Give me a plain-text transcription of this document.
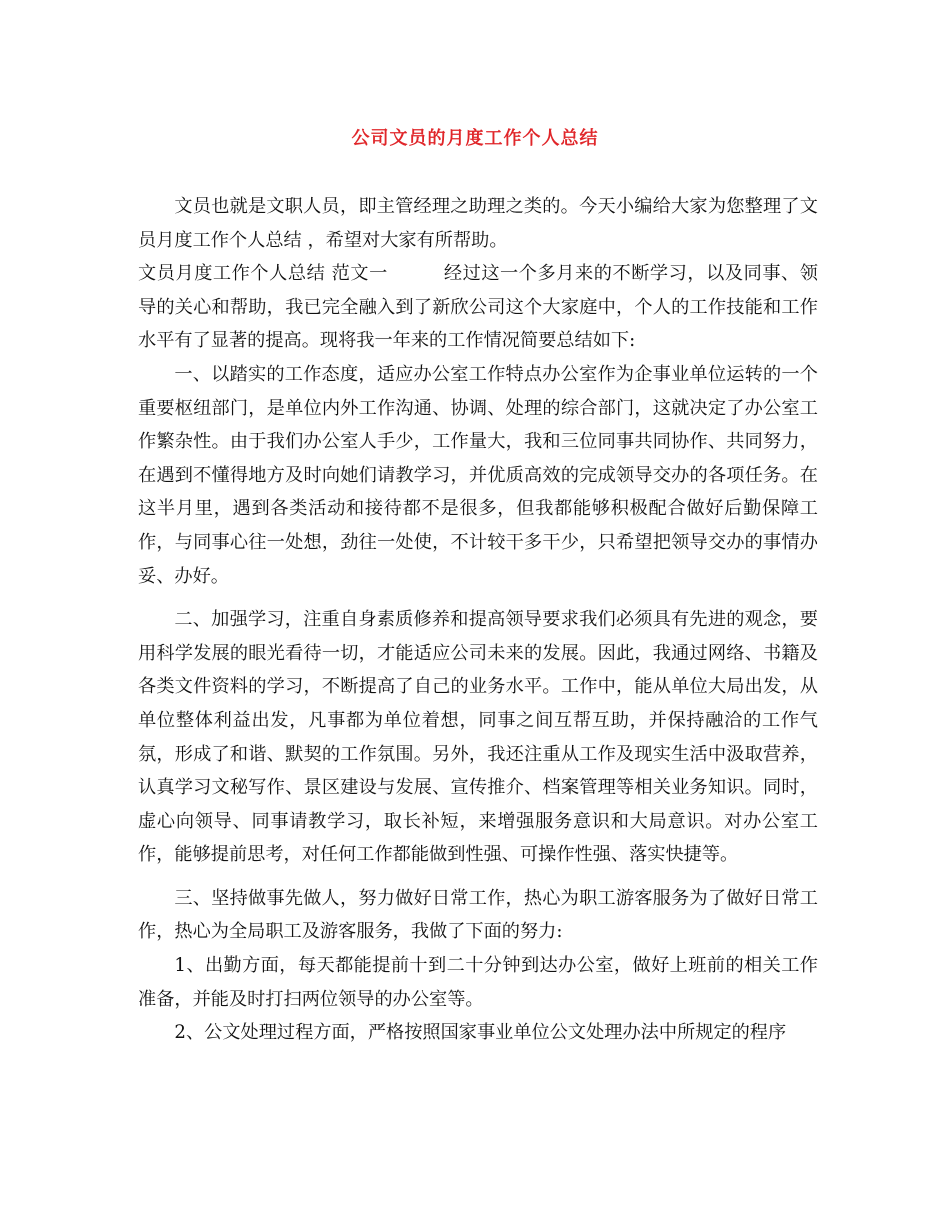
公司文员的月度工作个人总结

文员也就是文职人员，即主管经理之助理之类的。今天小编给大家为您整理了文员月度工作个人总结 ，希望对大家有所帮助。

文员月度工作个人总结 范文一	经过这一个多月来的不断学习，以及同事、领导的关心和帮助，我已完全融入到了新欣公司这个大家庭中，个人的工作技能和工作水平有了显著的提高。现将我一年来的工作情况简要总结如下:

一、以踏实的工作态度，适应办公室工作特点办公室作为企事业单位运转的一个重要枢纽部门，是单位内外工作沟通、协调、处理的综合部门，这就决定了办公室工作繁杂性。由于我们办公室人手少，工作量大，我和三位同事共同协作、共同努力，在遇到不懂得地方及时向她们请教学习，并优质高效的完成领导交办的各项任务。在这半月里，遇到各类活动和接待都不是很多，但我都能够积极配合做好后勤保障工作，与同事心往一处想，劲往一处使，不计较干多干少，只希望把领导交办的事情办妥、办好。

二、加强学习，注重自身素质修养和提高领导要求我们必须具有先进的观念，要用科学发展的眼光看待一切，才能适应公司未来的发展。因此，我通过网络、书籍及各类文件资料的学习，不断提高了自己的业务水平。工作中，能从单位大局出发，从单位整体利益出发，凡事都为单位着想，同事之间互帮互助，并保持融洽的工作气氛，形成了和谐、默契的工作氛围。另外，我还注重从工作及现实生活中汲取营养，认真学习文秘写作、景区建设与发展、宣传推介、档案管理等相关业务知识。同时，虚心向领导、同事请教学习，取长补短，来增强服务意识和大局意识。对办公室工作，能够提前思考，对任何工作都能做到性强、可操作性强、落实快捷等。

三、坚持做事先做人，努力做好日常工作，热心为职工游客服务为了做好日常工作，热心为全局职工及游客服务，我做了下面的努力:

1、出勤方面，每天都能提前十到二十分钟到达办公室，做好上班前的相关工作准备，并能及时打扫两位领导的办公室等。

2、公文处理过程方面，严格按照国家事业单位公文处理办法中所规定的程序
